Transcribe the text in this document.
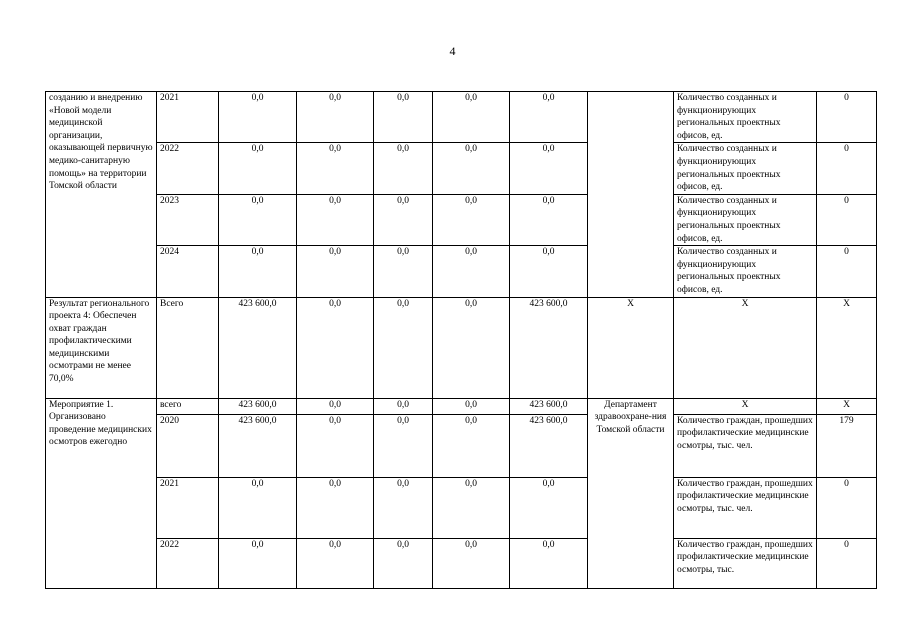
4
созданию и внедрению «Новой модели медицинской организации, оказывающей первичную медико-санитарную помощь» на территории Томской области	2021	0,0	0,0	0,0	0,0	0,0		Количество созданных и функционирующих региональных проектных офисов, ед.	0
	2022	0,0	0,0	0,0	0,0	0,0		Количество созданных и функционирующих региональных проектных офисов, ед.	0
	2023	0,0	0,0	0,0	0,0	0,0		Количество созданных и функционирующих региональных проектных офисов, ед.	0
	2024	0,0	0,0	0,0	0,0	0,0		Количество созданных и функционирующих региональных проектных офисов, ед.	0
Результат регионального проекта 4: Обеспечен охват граждан профилактическими медицинскими осмотрами не менее 70,0%	Всего	423 600,0	0,0	0,0	0,0	423 600,0	Х	Х	Х
Мероприятие 1. Организовано проведение медицинских осмотров ежегодно	всего	423 600,0	0,0	0,0	0,0	423 600,0	Департамент здравоохране-ния Томской области	Х	Х
	2020	423 600,0	0,0	0,0	0,0	423 600,0		Количество граждан, прошедших профилактические медицинские осмотры, тыс. чел.	179
	2021	0,0	0,0	0,0	0,0	0,0		Количество граждан, прошедших профилактические медицинские осмотры, тыс. чел.	0
	2022	0,0	0,0	0,0	0,0	0,0		Количество граждан, прошедших профилактические медицинские осмотры, тыс.	0
